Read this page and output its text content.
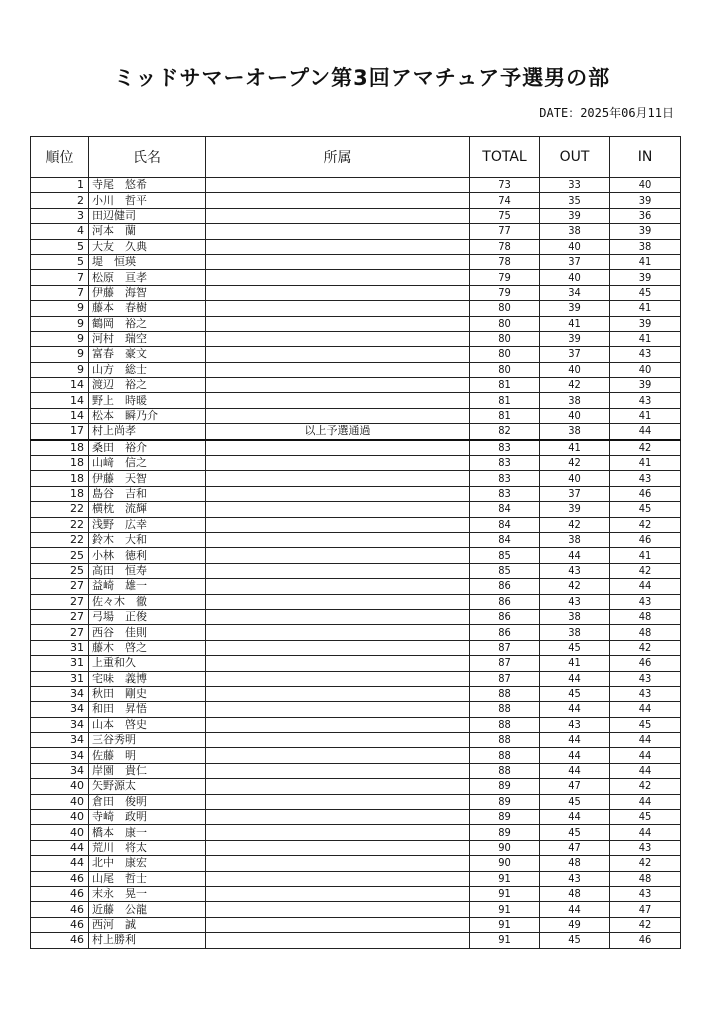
ミッドサマーオープン第3回アマチュア予選男の部
DATE：2025年06月11日
順位	氏名	所属	TOTAL	OUT	IN
1	寺尾　悠希		73	33	40
2	小川　哲平		74	35	39
3	田辺健司		75	39	36
4	河本　蘭		77	38	39
5	大友　久典		78	40	38
5	堤　恒瑛		78	37	41
7	松原　亘孝		79	40	39
7	伊藤　海智		79	34	45
9	藤本　春樹		80	39	41
9	鶴岡　裕之		80	41	39
9	河村　瑞空		80	39	41
9	富春　豪文		80	37	43
9	山方　総士		80	40	40
14	渡辺　裕之		81	42	39
14	野上　時暖		81	38	43
14	松本　瞬乃介		81	40	41
17	村上尚孝	以上予選通過	82	38	44
18	桑田　裕介		83	41	42
18	山﨑　信之		83	42	41
18	伊藤　天智		83	40	43
18	島谷　吉和		83	37	46
22	横枕　流輝		84	39	45
22	浅野　広幸		84	42	42
22	鈴木　大和		84	38	46
25	小林　徳利		85	44	41
25	高田　恒寿		85	43	42
27	益崎　雄一		86	42	44
27	佐々木　徹		86	43	43
27	弓場　正俊		86	38	48
27	西谷　佳則		86	38	48
31	藤木　啓之		87	45	42
31	上重和久		87	41	46
31	宅味　義博		87	44	43
34	秋田　剛史		88	45	43
34	和田　昇悟		88	44	44
34	山本　啓史		88	43	45
34	三谷秀明		88	44	44
34	佐藤　明		88	44	44
34	岸園　貴仁		88	44	44
40	矢野源太		89	47	42
40	倉田　俊明		89	45	44
40	寺崎　政明		89	44	45
40	橋本　康一		89	45	44
44	荒川　将太		90	47	43
44	北中　康宏		90	48	42
46	山尾　哲士		91	43	48
46	末永　晃一		91	48	43
46	近藤　公龍		91	44	47
46	西河　誠		91	49	42
46	村上勝利		91	45	46
